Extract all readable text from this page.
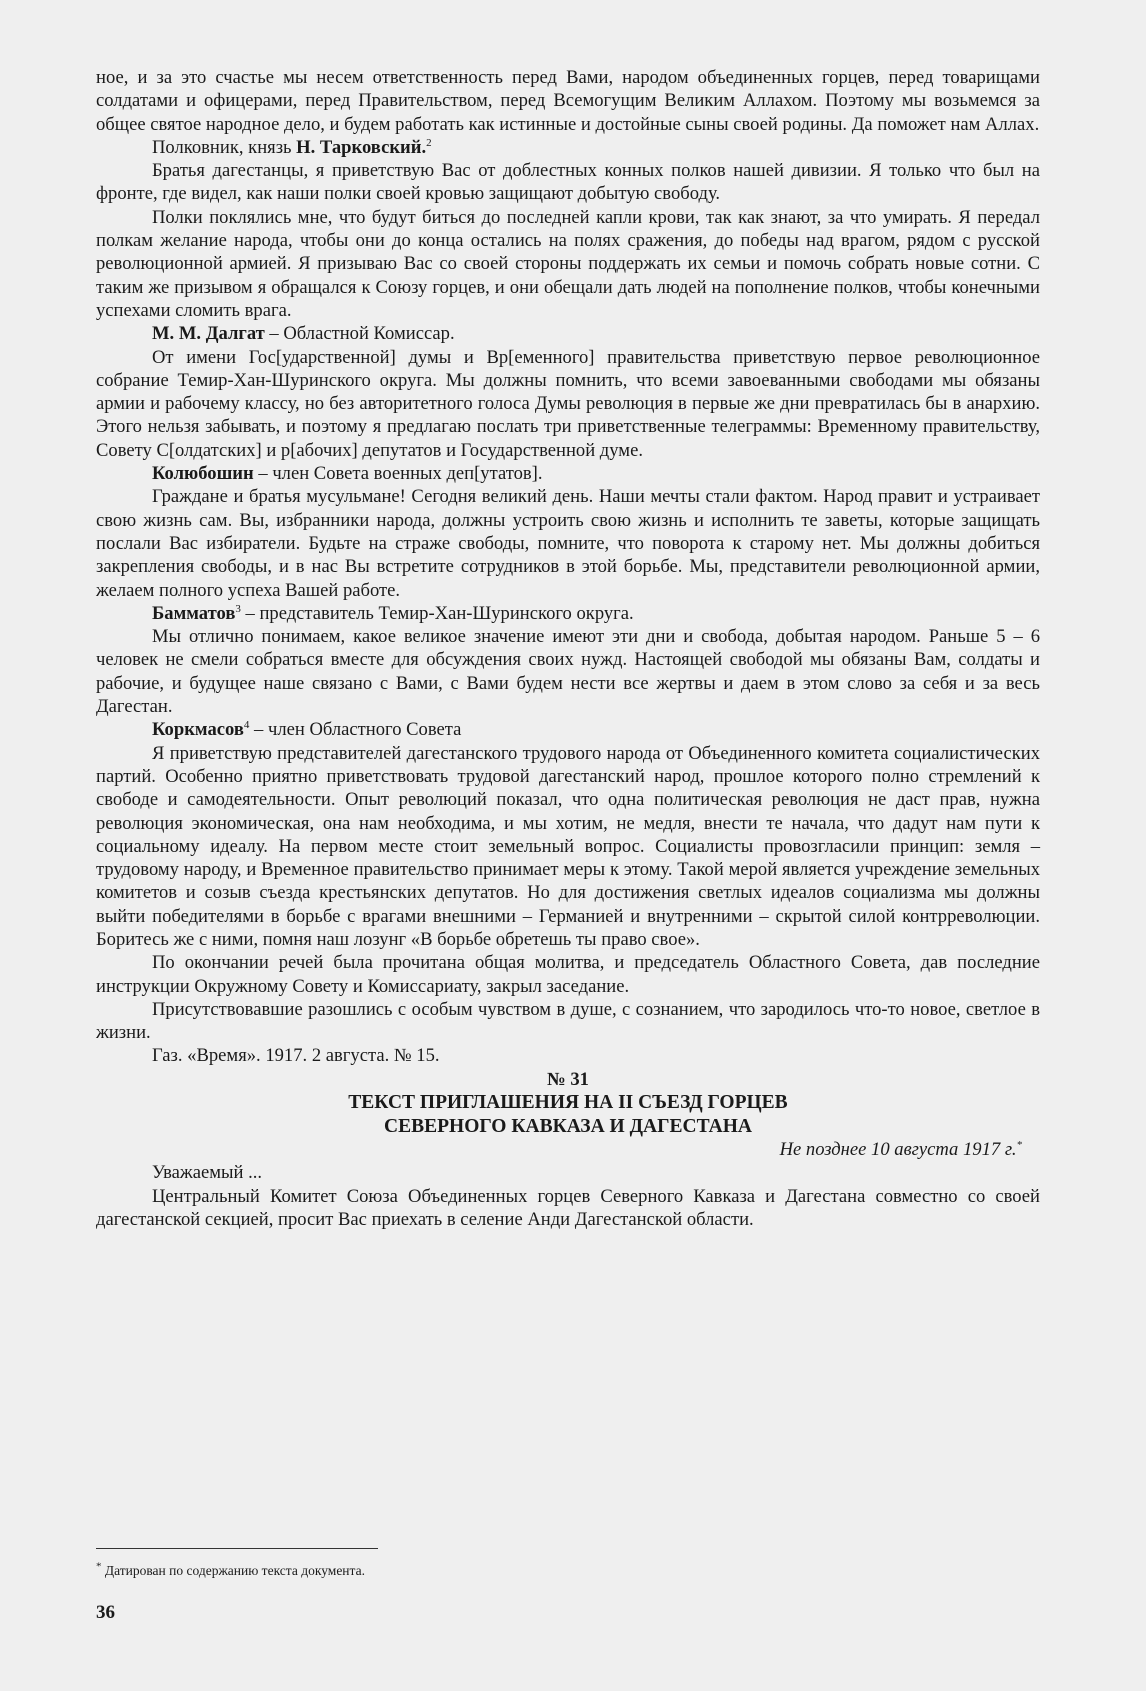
ное, и за это счастье мы несем ответственность перед Вами, народом объединенных горцев, перед товарищами солдатами и офицерами, перед Правительством, перед Всемогущим Великим Аллахом. Поэтому мы возьмемся за общее святое народное дело, и будем работать как истинные и достойные сыны своей родины. Да поможет нам Аллах.

Полковник, князь Н. Тарковский.$^2$

Братья дагестанцы, я приветствую Вас от доблестных конных полков нашей дивизии. Я только что был на фронте, где видел, как наши полки своей кровью защищают добытую свободу.

Полки поклялись мне, что будут биться до последней капли крови, так как знают, за что умирать. Я передал полкам желание народа, чтобы они до конца остались на полях сражения, до победы над врагом, рядом с русской революционной армией. Я призываю Вас со своей стороны поддержать их семьи и помочь собрать новые сотни. С таким же призывом я обращался к Союзу горцев, и они обещали дать людей на пополнение полков, чтобы конечными успехами сломить врага.

М. М. Далгат – Областной Комиссар.

От имени Гос[ударственной] думы и Вр[еменного] правительства приветствую первое революционное собрание Темир-Хан-Шуринского округа. Мы должны помнить, что всеми завоеванными свободами мы обязаны армии и рабочему классу, но без авторитетного голоса Думы революция в первые же дни превратилась бы в анархию. Этого нельзя забывать, и поэтому я предлагаю послать три приветственные телеграммы: Временному правительству, Совету С[олдатских] и р[абочих] депутатов и Государственной думе.

Колюбошин – член Совета военных деп[утатов].

Граждане и братья мусульмане! Сегодня великий день. Наши мечты стали фактом. Народ правит и устраивает свою жизнь сам. Вы, избранники народа, должны устроить свою жизнь и исполнить те заветы, которые защищать послали Вас избиратели. Будьте на страже свободы, помните, что поворота к старому нет. Мы должны добиться закрепления свободы, и в нас Вы встретите сотрудников в этой борьбе. Мы, представители революционной армии, желаем полного успеха Вашей работе.

Бамматов$^3$ – представитель Темир-Хан-Шуринского округа.

Мы отлично понимаем, какое великое значение имеют эти дни и свобода, добытая народом. Раньше 5 – 6 человек не смели собраться вместе для обсуждения своих нужд. Настоящей свободой мы обязаны Вам, солдаты и рабочие, и будущее наше связано с Вами, с Вами будем нести все жертвы и даем в этом слово за себя и за весь Дагестан.

Коркмасов$^4$ – член Областного Совета

Я приветствую представителей дагестанского трудового народа от Объединенного комитета социалистических партий. Особенно приятно приветствовать трудовой дагестанский народ, прошлое которого полно стремлений к свободе и самодеятельности. Опыт революций показал, что одна политическая революция не даст прав, нужна революция экономическая, она нам необходима, и мы хотим, не медля, внести те начала, что дадут нам пути к социальному идеалу. На первом месте стоит земельный вопрос. Социалисты провозгласили принцип: земля – трудовому народу, и Временное правительство принимает меры к этому. Такой мерой является учреждение земельных комитетов и созыв съезда крестьянских депутатов. Но для достижения светлых идеалов социализма мы должны выйти победителями в борьбе с врагами внешними – Германией и внутренними – скрытой силой контрреволюции. Боритесь же с ними, помня наш лозунг «В борьбе обретешь ты право свое».

По окончании речей была прочитана общая молитва, и председатель Областного Совета, дав последние инструкции Окружному Совету и Комиссариату, закрыл заседание.

Присутствовавшие разошлись с особым чувством в душе, с сознанием, что зародилось что-то новое, светлое в жизни.

Газ. «Время». 1917. 2 августа. № 15.

№ 31

ТЕКСТ ПРИГЛАШЕНИЯ НА II СЪЕЗД ГОРЦЕВ

СЕВЕРНОГО КАВКАЗА И ДАГЕСТАНА

Не позднее 10 августа 1917 г.*

Уважаемый ...

Центральный Комитет Союза Объединенных горцев Северного Кавказа и Дагестана совместно со своей дагестанской секцией, просит Вас приехать в селение Анди Дагестанской области.

* Датирован по содержанию текста документа.
36
